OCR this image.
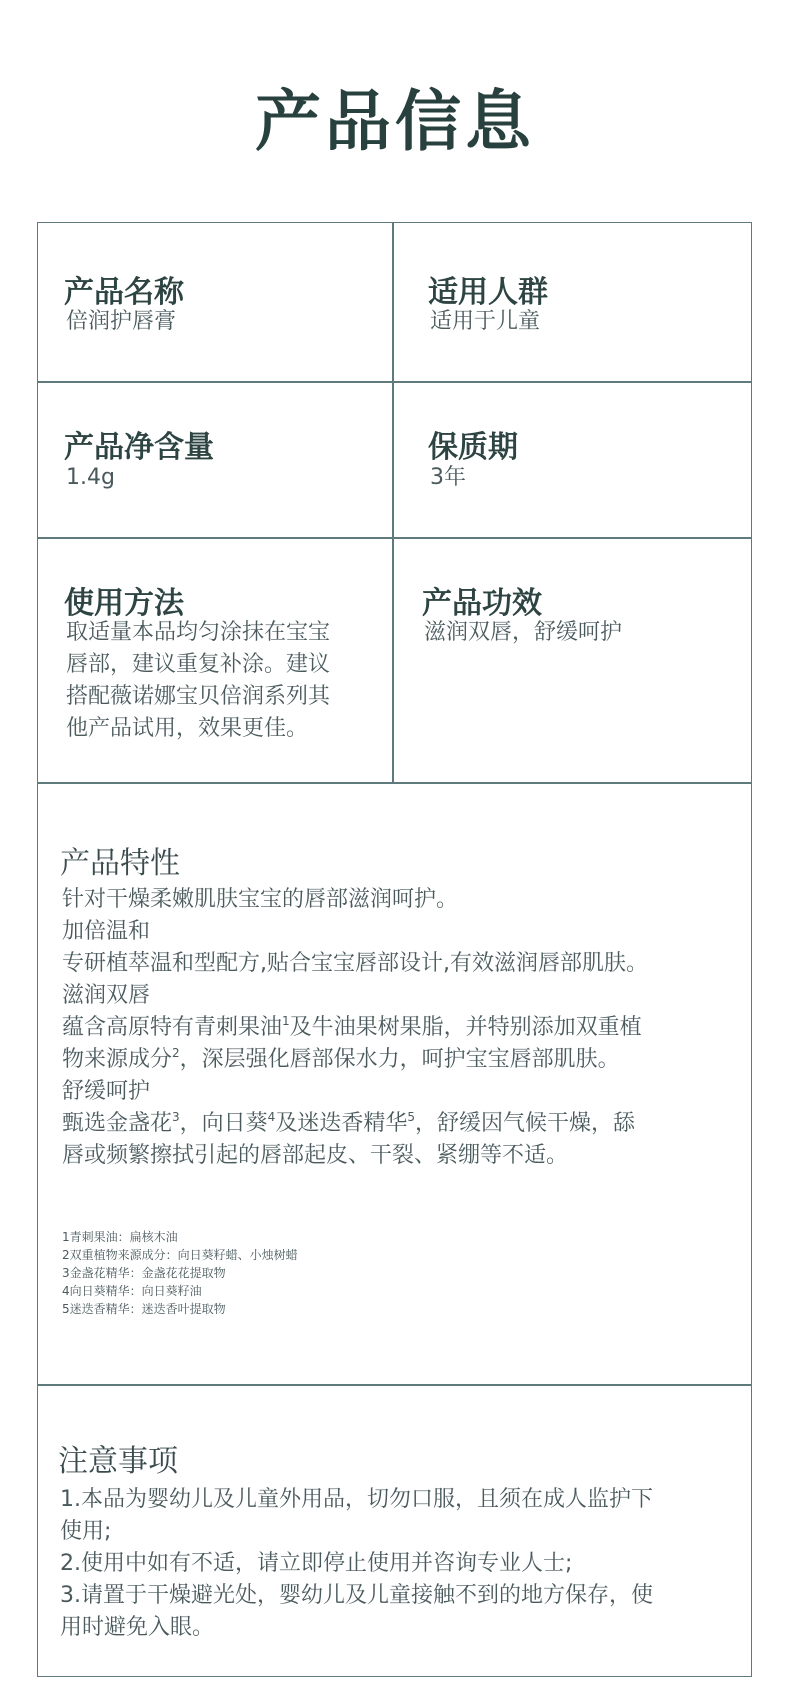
产品信息
产品名称
倍润护唇膏
适用人群
适用于儿童
产品净含量
1.4g
保质期
3年
使用方法
取适量本品均匀涂抹在宝宝
唇部，建议重复补涂。建议
搭配薇诺娜宝贝倍润系列其
他产品试用，效果更佳。
产品功效
滋润双唇，舒缓呵护
产品特性
针对干燥柔嫩肌肤宝宝的唇部滋润呵护。
加倍温和
专研植萃温和型配方,贴合宝宝唇部设计,有效滋润唇部肌肤。
滋润双唇
蕴含高原特有青刺果油$^1$及牛油果树果脂，并特别添加双重植
物来源成分$^2$，深层强化唇部保水力，呵护宝宝唇部肌肤。
舒缓呵护
甄选金盏花$^3$，向日葵$^4$及迷迭香精华$^5$，舒缓因气候干燥，舔
唇或频繁擦拭引起的唇部起皮、干裂、紧绷等不适。
1青刺果油：扁核木油
2双重植物来源成分：向日葵籽蜡、小烛树蜡
3金盏花精华：金盏花花提取物
4向日葵精华：向日葵籽油
5迷迭香精华：迷迭香叶提取物
注意事项
1.本品为婴幼儿及儿童外用品，切勿口服，且须在成人监护下
使用;
2.使用中如有不适，请立即停止使用并咨询专业人士;
3.请置于干燥避光处，婴幼儿及儿童接触不到的地方保存，使
用时避免入眼。
